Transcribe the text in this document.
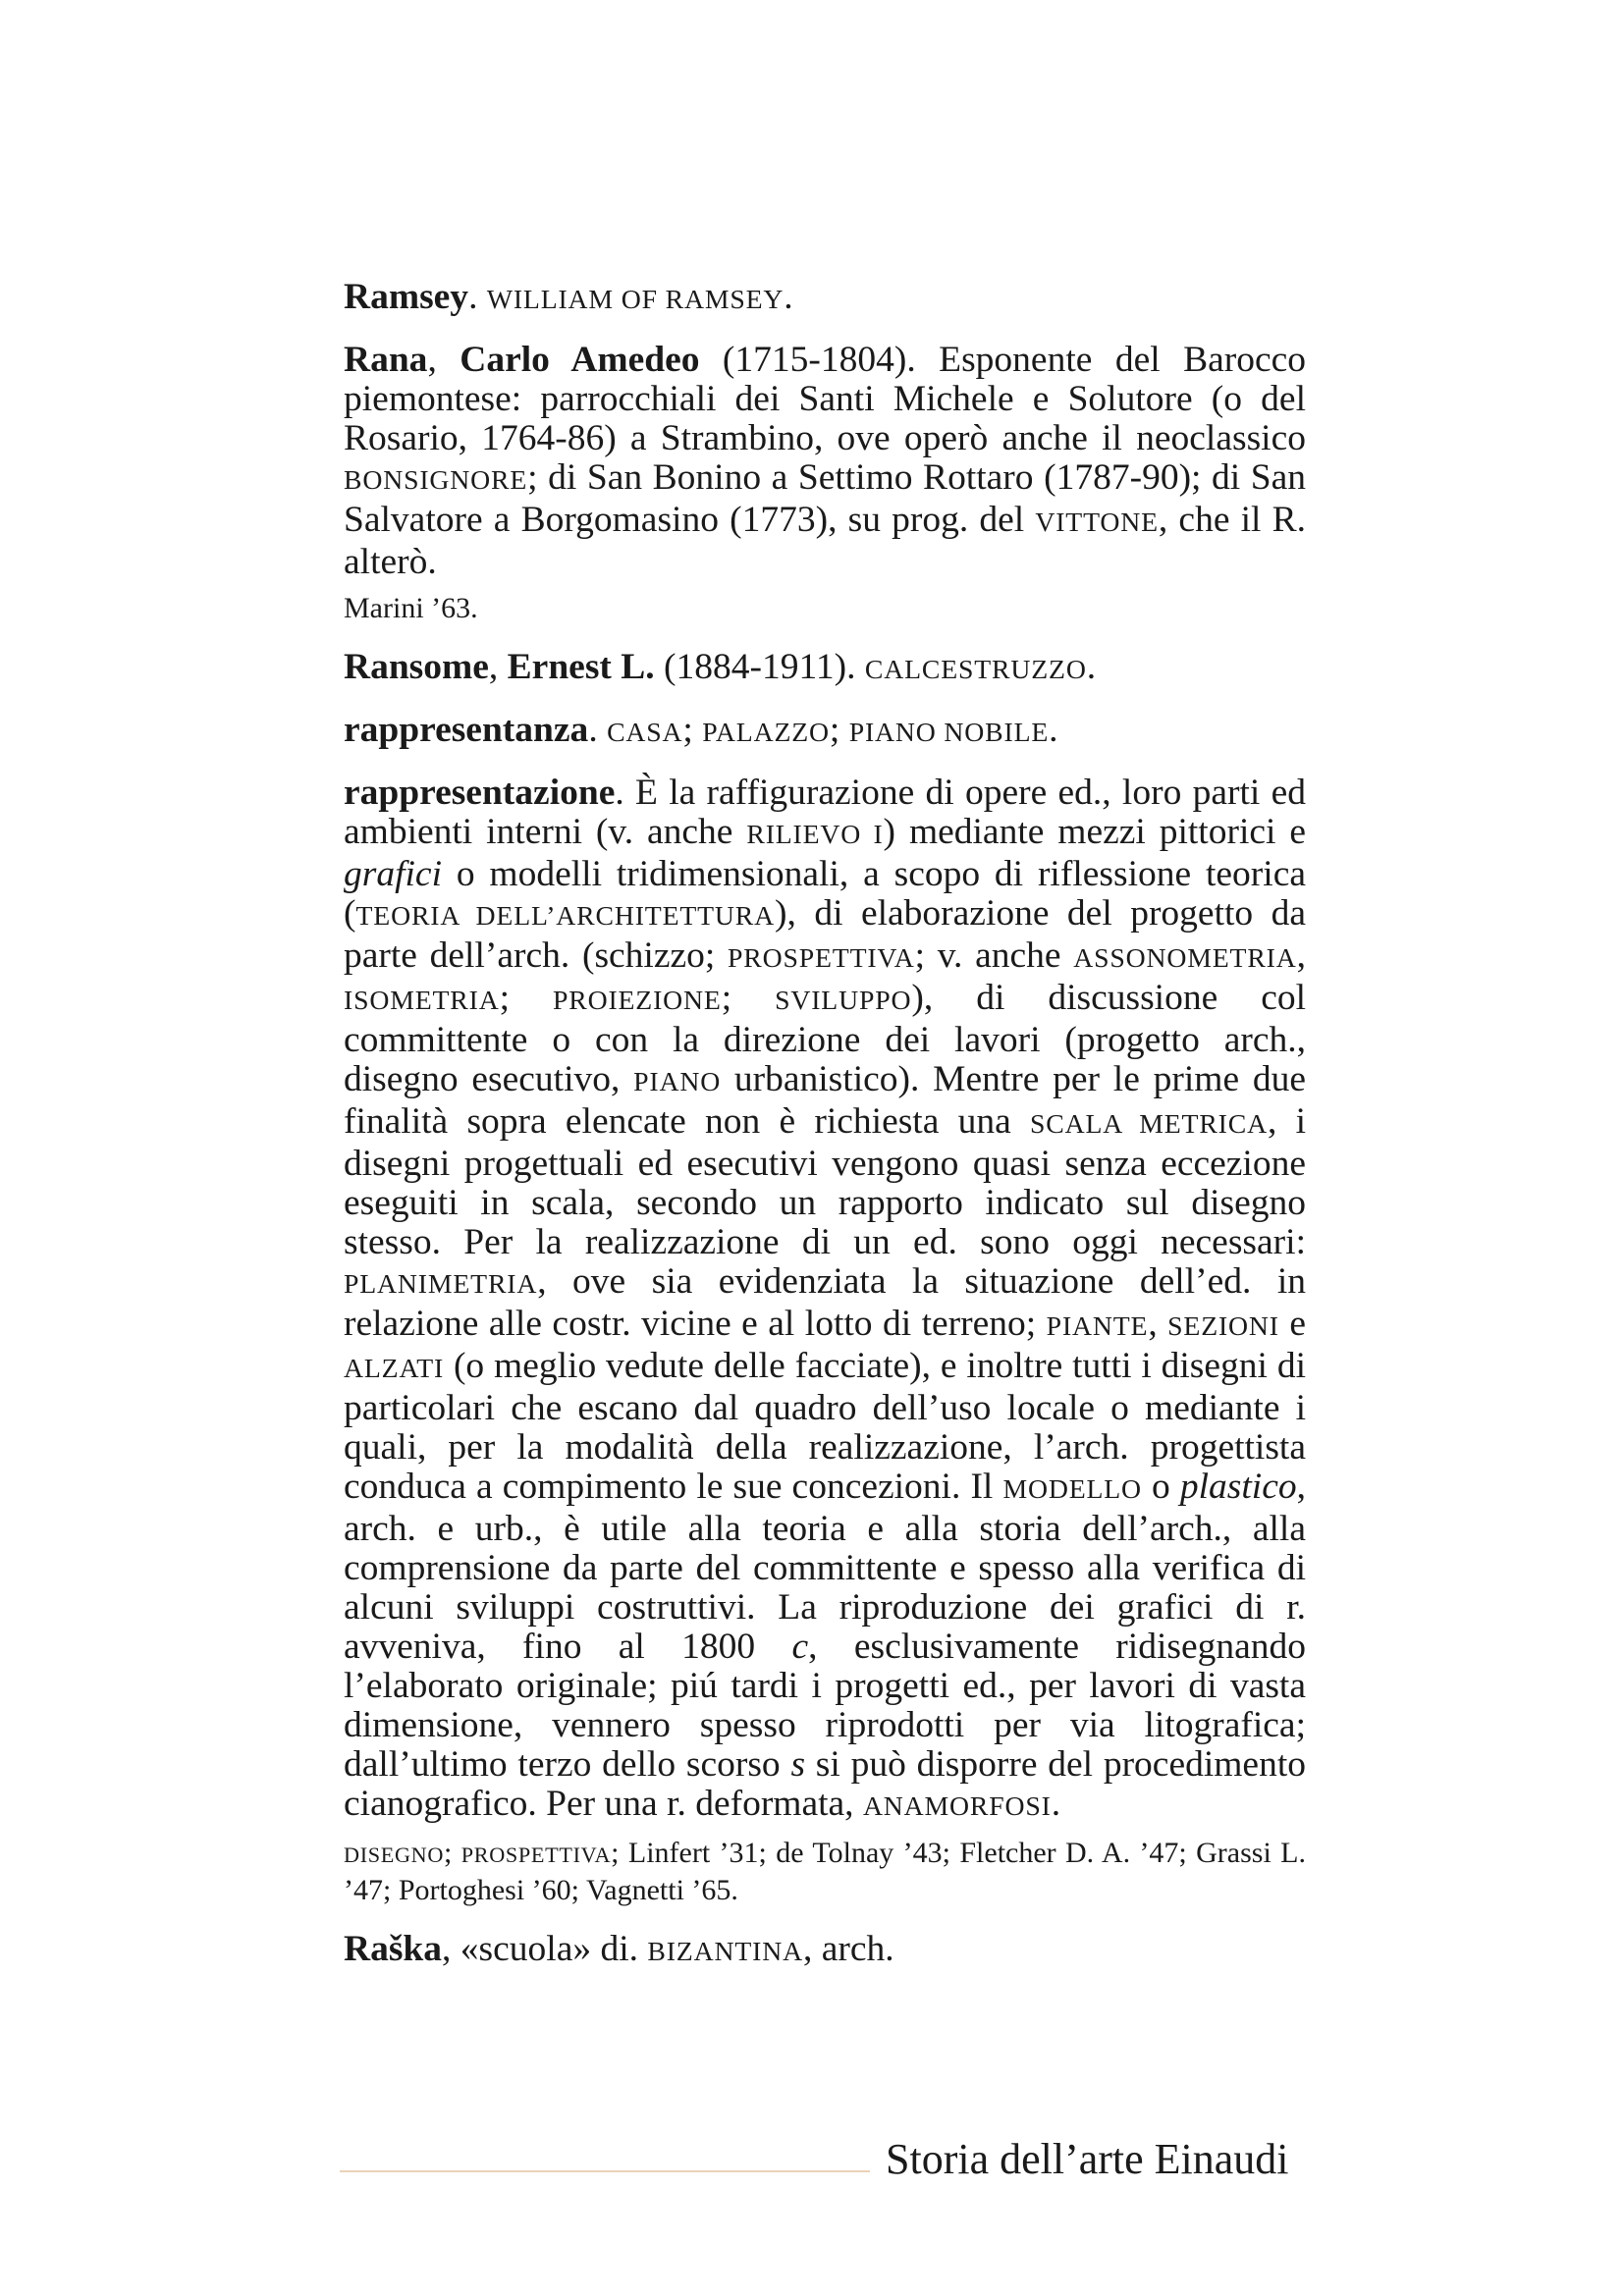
Ramsey. WILLIAM OF RAMSEY.

Rana, Carlo Amedeo (1715-1804). Esponente del Barocco piemontese: parrocchiali dei Santi Michele e Solutore (o del Rosario, 1764-86) a Strambino, ove operò anche il neoclassico BONSIGNORE; di San Bonino a Settimo Rottaro (1787-90); di San Salvatore a Borgomasino (1773), su prog. del VITTONE, che il R. alterò.

Marini ’63.

Ransome, Ernest L. (1884-1911). CALCESTRUZZO.

rappresentanza. CASA; PALAZZO; PIANO NOBILE.

rappresentazione. È la raffigurazione di opere ed., loro parti ed ambienti interni (v. anche RILIEVO I) mediante mezzi pittorici e grafici o modelli tridimensionali, a scopo di riflessione teorica (TEORIA DELL’ARCHITETTURA), di elaborazione del progetto da parte dell’arch. (schizzo; PROSPETTIVA; v. anche ASSONOMETRIA, ISOMETRIA; PROIEZIONE; SVILUPPO), di discussione col committente o con la direzione dei lavori (progetto arch., disegno esecutivo, PIANO urbanistico). Mentre per le prime due finalità sopra elencate non è richiesta una SCALA METRICA, i disegni progettuali ed esecutivi vengono quasi senza eccezione eseguiti in scala, secondo un rapporto indicato sul disegno stesso. Per la realizzazione di un ed. sono oggi necessari: PLANIMETRIA, ove sia evidenziata la situazione dell’ed. in relazione alle costr. vicine e al lotto di terreno; PIANTE, SEZIONI e ALZATI (o meglio vedute delle facciate), e inoltre tutti i disegni di particolari che escano dal quadro dell’uso locale o mediante i quali, per la modalità della realizzazione, l’arch. progettista conduca a compimento le sue concezioni. Il MODELLO o plastico, arch. e urb., è utile alla teoria e alla storia dell’arch., alla comprensione da parte del committente e spesso alla verifica di alcuni sviluppi costruttivi. La riproduzione dei grafici di r. avveniva, fino al 1800 c, esclusivamente ridisegnando l’elaborato originale; piú tardi i progetti ed., per lavori di vasta dimensione, vennero spesso riprodotti per via litografica; dall’ultimo terzo dello scorso s si può disporre del procedimento cianografico. Per una r. deformata, ANAMORFOSI.

DISEGNO; PROSPETTIVA; Linfert ’31; de Tolnay ’43; Fletcher D. A. ’47; Grassi L. ’47; Portoghesi ’60; Vagnetti ’65.

Raška, «scuola» di. BIZANTINA, arch.

Storia dell’arte Einaudi
